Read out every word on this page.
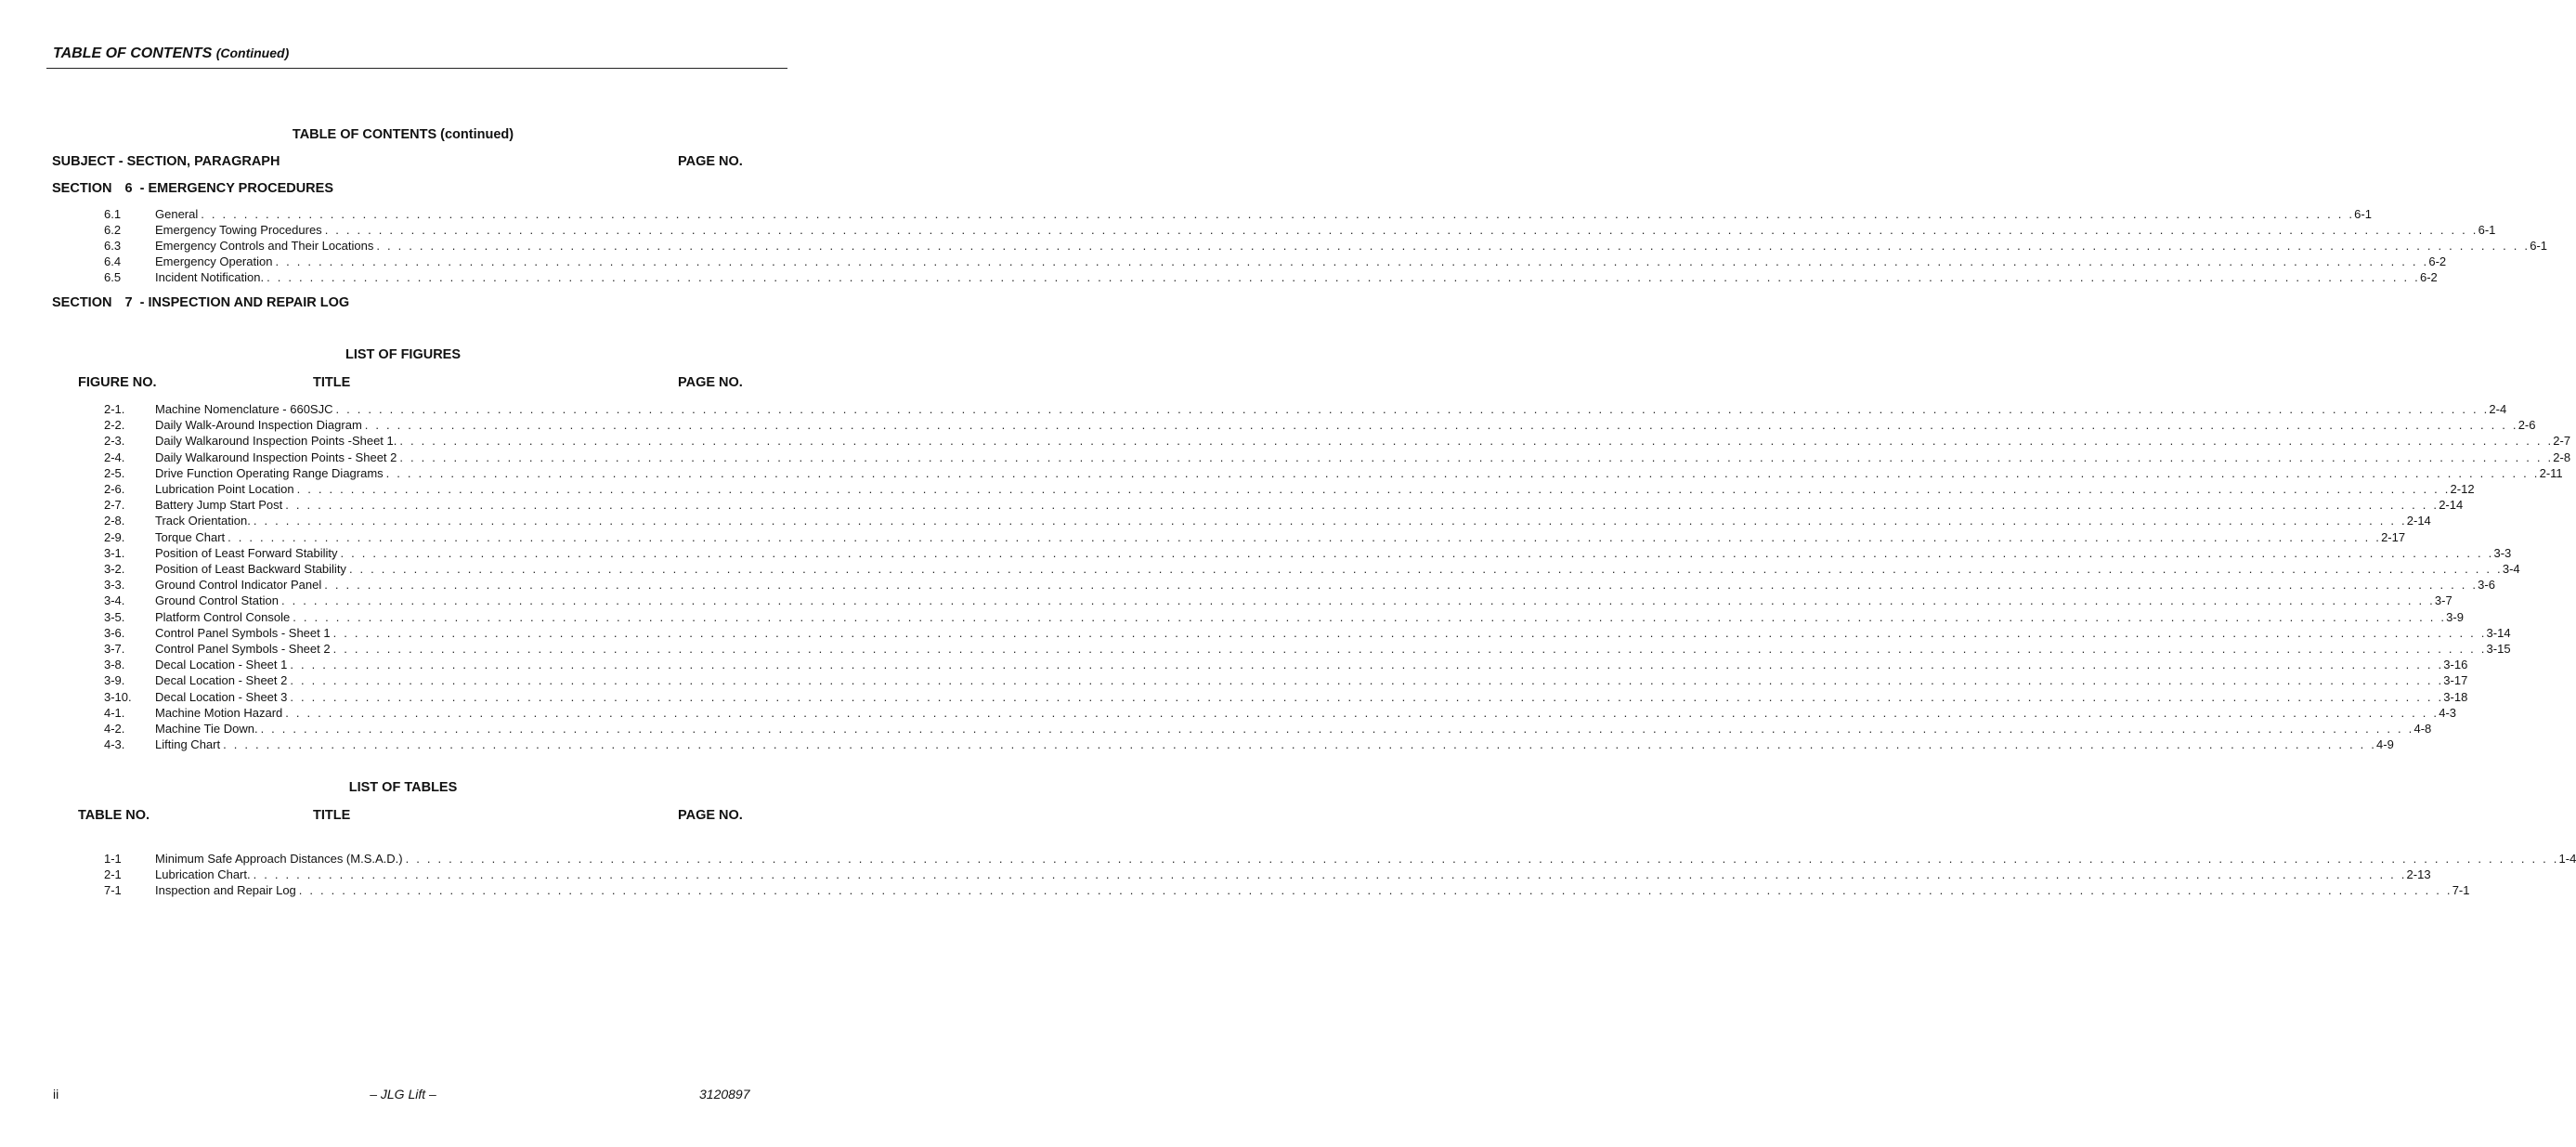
TABLE OF CONTENTS (Continued)
TABLE OF CONTENTS (continued)
SUBJECT - SECTION, PARAGRAPH	PAGE NO.
SECTION 6 - EMERGENCY PROCEDURES
6.1	General . . . . . . . . . . . . . . . . . . . . . . . . . . . . . . . . . . . . . . . . . . . . . . . . . . . . . . . . . . . . . . . . . . . . . . . . . . . . . . . . . . . . . . . . . . . . . . . . . . . . . . . . . . . . . . . . . . . . . . . . . . . . . . . . . . . . . . . . . . . . . . . . . . . . . . . . . . . . . . . . . . . . . . . . . . . . . . . . . . . . . . . . . . . . . . . . . . . . . . . . 6-1
6.2	Emergency Towing Procedures . . . . . . . . . . . . . . . . . . . . . . . . . . . . . . . . . . . . . . . . . . . . . . . . . . . . . . . . . . . . . . . . . . . . . . . . . . . . . . . . . . . . . . . . . . . . . . . . . . . . . . . . . . . . . . . . . . . . . . . . . . . . . . . . . . . . . . . . . . . . . . . . . . . . . . . . . . . . . . . . . . . . . . . . . . . . . . . . . . . . . . . . . . . . . . . . . . . . . . . . 6-1
6.3	Emergency Controls and Their Locations . . . . . . . . . . . . . . . . . . . . . . . . . . . . . . . . . . . . . . . . . . . . . . . . . . . . . . . . . . . . . . . . . . . . . . . . . . . . . . . . . . . . . . . . . . . . . . . . . . . . . . . . . . . . . . . . . . . . . . . . . . . . . . . . . . . . . . . . . . . . . . . . . . . . . . . . . . . . . . . . . . . . . . . . . . . . . . . . . . . . . . . . . . . . . . . . . . . . . . . . 6-1
6.4	Emergency Operation . . . . . . . . . . . . . . . . . . . . . . . . . . . . . . . . . . . . . . . . . . . . . . . . . . . . . . . . . . . . . . . . . . . . . . . . . . . . . . . . . . . . . . . . . . . . . . . . . . . . . . . . . . . . . . . . . . . . . . . . . . . . . . . . . . . . . . . . . . . . . . . . . . . . . . . . . . . . . . . . . . . . . . . . . . . . . . . . . . . . . . . . . . . . . . . . . . . . . . . . 6-2
6.5	Incident Notification. . . . . . . . . . . . . . . . . . . . . . . . . . . . . . . . . . . . . . . . . . . . . . . . . . . . . . . . . . . . . . . . . . . . . . . . . . . . . . . . . . . . . . . . . . . . . . . . . . . . . . . . . . . . . . . . . . . . . . . . . . . . . . . . . . . . . . . . . . . . . . . . . . . . . . . . . . . . . . . . . . . . . . . . . . . . . . . . . . . . . . . . . . . . . . . . . . . . . . . . . 6-2
SECTION 7 - INSPECTION AND REPAIR LOG
LIST OF FIGURES
FIGURE NO.	TITLE	PAGE NO.
2-1.	Machine Nomenclature - 660SJC . . . . . . . . . . . . . . . . . . . . . . . . . . . . . . . . . . . . . . . . . . . . . . . . . . . . . . . . . . . . . . . . . . . . . . . . . . . . . . . . . . . . . . . . . . . . . . . . . . . . . . . . . . . . . . . . . . . . . . . . . . . . . . . . . . . . . . . . . . . . . . . . . . . . . . . . . . . . . . . . . . . . . . . . . . . . . . . . . . . . . . . . . . . . . . . . . . . . . . . . 2-4
2-2.	Daily Walk-Around Inspection Diagram . . . . . . . . . . . . . . . . . . . . . . . . . . . . . . . . . . . . . . . . . . . . . . . . . . . . . . . . . . . . . . . . . . . . . . . . . . . . . . . . . . . . . . . . . . . . . . . . . . . . . . . . . . . . . . . . . . . . . . . . . . . . . . . . . . . . . . . . . . . . . . . . . . . . . . . . . . . . . . . . . . . . . . . . . . . . . . . . . . . . . . . . . . . . . . . . . . . . . . . . 2-6
2-3.	Daily Walkaround Inspection Points -Sheet 1. . . . . . . . . . . . . . . . . . . . . . . . . . . . . . . . . . . . . . . . . . . . . . . . . . . . . . . . . . . . . . . . . . . . . . . . . . . . . . . . . . . . . . . . . . . . . . . . . . . . . . . . . . . . . . . . . . . . . . . . . . . . . . . . . . . . . . . . . . . . . . . . . . . . . . . . . . . . . . . . . . . . . . . . . . . . . . . . . . . . . . . . . . . . . . . . . . . . . . . . . 2-7
2-4.	Daily Walkaround Inspection Points - Sheet 2 . . . . . . . . . . . . . . . . . . . . . . . . . . . . . . . . . . . . . . . . . . . . . . . . . . . . . . . . . . . . . . . . . . . . . . . . . . . . . . . . . . . . . . . . . . . . . . . . . . . . . . . . . . . . . . . . . . . . . . . . . . . . . . . . . . . . . . . . . . . . . . . . . . . . . . . . . . . . . . . . . . . . . . . . . . . . . . . . . . . . . . . . . . . . . . . . . . . . . . . . 2-8
2-5.	Drive Function Operating Range Diagrams . . . . . . . . . . . . . . . . . . . . . . . . . . . . . . . . . . . . . . . . . . . . . . . . . . . . . . . . . . . . . . . . . . . . . . . . . . . . . . . . . . . . . . . . . . . . . . . . . . . . . . . . . . . . . . . . . . . . . . . . . . . . . . . . . . . . . . . . . . . . . . . . . . . . . . . . . . . . . . . . . . . . . . . . . . . . . . . . . . . . . . . . . . . . . . . . . . . . . . . . 2-11
2-6.	Lubrication Point Location . . . . . . . . . . . . . . . . . . . . . . . . . . . . . . . . . . . . . . . . . . . . . . . . . . . . . . . . . . . . . . . . . . . . . . . . . . . . . . . . . . . . . . . . . . . . . . . . . . . . . . . . . . . . . . . . . . . . . . . . . . . . . . . . . . . . . . . . . . . . . . . . . . . . . . . . . . . . . . . . . . . . . . . . . . . . . . . . . . . . . . . . . . . . . . . . . . . . . . . . 2-12
2-7.	Battery Jump Start Post . . . . . . . . . . . . . . . . . . . . . . . . . . . . . . . . . . . . . . . . . . . . . . . . . . . . . . . . . . . . . . . . . . . . . . . . . . . . . . . . . . . . . . . . . . . . . . . . . . . . . . . . . . . . . . . . . . . . . . . . . . . . . . . . . . . . . . . . . . . . . . . . . . . . . . . . . . . . . . . . . . . . . . . . . . . . . . . . . . . . . . . . . . . . . . . . . . . . . . . . 2-14
2-8.	Track Orientation. . . . . . . . . . . . . . . . . . . . . . . . . . . . . . . . . . . . . . . . . . . . . . . . . . . . . . . . . . . . . . . . . . . . . . . . . . . . . . . . . . . . . . . . . . . . . . . . . . . . . . . . . . . . . . . . . . . . . . . . . . . . . . . . . . . . . . . . . . . . . . . . . . . . . . . . . . . . . . . . . . . . . . . . . . . . . . . . . . . . . . . . . . . . . . . . . . . . . . . . . 2-14
2-9.	Torque Chart . . . . . . . . . . . . . . . . . . . . . . . . . . . . . . . . . . . . . . . . . . . . . . . . . . . . . . . . . . . . . . . . . . . . . . . . . . . . . . . . . . . . . . . . . . . . . . . . . . . . . . . . . . . . . . . . . . . . . . . . . . . . . . . . . . . . . . . . . . . . . . . . . . . . . . . . . . . . . . . . . . . . . . . . . . . . . . . . . . . . . . . . . . . . . . . . . . . . . . . . 2-17
3-1.	Position of Least Forward Stability . . . . . . . . . . . . . . . . . . . . . . . . . . . . . . . . . . . . . . . . . . . . . . . . . . . . . . . . . . . . . . . . . . . . . . . . . . . . . . . . . . . . . . . . . . . . . . . . . . . . . . . . . . . . . . . . . . . . . . . . . . . . . . . . . . . . . . . . . . . . . . . . . . . . . . . . . . . . . . . . . . . . . . . . . . . . . . . . . . . . . . . . . . . . . . . . . . . . . . . . 3-3
3-2.	Position of Least Backward Stability . . . . . . . . . . . . . . . . . . . . . . . . . . . . . . . . . . . . . . . . . . . . . . . . . . . . . . . . . . . . . . . . . . . . . . . . . . . . . . . . . . . . . . . . . . . . . . . . . . . . . . . . . . . . . . . . . . . . . . . . . . . . . . . . . . . . . . . . . . . . . . . . . . . . . . . . . . . . . . . . . . . . . . . . . . . . . . . . . . . . . . . . . . . . . . . . . . . . . . . . 3-4
3-3.	Ground Control Indicator Panel . . . . . . . . . . . . . . . . . . . . . . . . . . . . . . . . . . . . . . . . . . . . . . . . . . . . . . . . . . . . . . . . . . . . . . . . . . . . . . . . . . . . . . . . . . . . . . . . . . . . . . . . . . . . . . . . . . . . . . . . . . . . . . . . . . . . . . . . . . . . . . . . . . . . . . . . . . . . . . . . . . . . . . . . . . . . . . . . . . . . . . . . . . . . . . . . . . . . . . . . 3-6
3-4.	Ground Control Station . . . . . . . . . . . . . . . . . . . . . . . . . . . . . . . . . . . . . . . . . . . . . . . . . . . . . . . . . . . . . . . . . . . . . . . . . . . . . . . . . . . . . . . . . . . . . . . . . . . . . . . . . . . . . . . . . . . . . . . . . . . . . . . . . . . . . . . . . . . . . . . . . . . . . . . . . . . . . . . . . . . . . . . . . . . . . . . . . . . . . . . . . . . . . . . . . . . . . . . . 3-7
3-5.	Platform Control Console . . . . . . . . . . . . . . . . . . . . . . . . . . . . . . . . . . . . . . . . . . . . . . . . . . . . . . . . . . . . . . . . . . . . . . . . . . . . . . . . . . . . . . . . . . . . . . . . . . . . . . . . . . . . . . . . . . . . . . . . . . . . . . . . . . . . . . . . . . . . . . . . . . . . . . . . . . . . . . . . . . . . . . . . . . . . . . . . . . . . . . . . . . . . . . . . . . . . . . . . 3-9
3-6.	Control Panel Symbols - Sheet 1 . . . . . . . . . . . . . . . . . . . . . . . . . . . . . . . . . . . . . . . . . . . . . . . . . . . . . . . . . . . . . . . . . . . . . . . . . . . . . . . . . . . . . . . . . . . . . . . . . . . . . . . . . . . . . . . . . . . . . . . . . . . . . . . . . . . . . . . . . . . . . . . . . . . . . . . . . . . . . . . . . . . . . . . . . . . . . . . . . . . . . . . . . . . . . . . . . . . . . . . . 3-14
3-7.	Control Panel Symbols - Sheet 2 . . . . . . . . . . . . . . . . . . . . . . . . . . . . . . . . . . . . . . . . . . . . . . . . . . . . . . . . . . . . . . . . . . . . . . . . . . . . . . . . . . . . . . . . . . . . . . . . . . . . . . . . . . . . . . . . . . . . . . . . . . . . . . . . . . . . . . . . . . . . . . . . . . . . . . . . . . . . . . . . . . . . . . . . . . . . . . . . . . . . . . . . . . . . . . . . . . . . . . . . 3-15
3-8.	Decal Location - Sheet 1 . . . . . . . . . . . . . . . . . . . . . . . . . . . . . . . . . . . . . . . . . . . . . . . . . . . . . . . . . . . . . . . . . . . . . . . . . . . . . . . . . . . . . . . . . . . . . . . . . . . . . . . . . . . . . . . . . . . . . . . . . . . . . . . . . . . . . . . . . . . . . . . . . . . . . . . . . . . . . . . . . . . . . . . . . . . . . . . . . . . . . . . . . . . . . . . . . . . . . . . . 3-16
3-9.	Decal Location - Sheet 2 . . . . . . . . . . . . . . . . . . . . . . . . . . . . . . . . . . . . . . . . . . . . . . . . . . . . . . . . . . . . . . . . . . . . . . . . . . . . . . . . . . . . . . . . . . . . . . . . . . . . . . . . . . . . . . . . . . . . . . . . . . . . . . . . . . . . . . . . . . . . . . . . . . . . . . . . . . . . . . . . . . . . . . . . . . . . . . . . . . . . . . . . . . . . . . . . . . . . . . . . 3-17
3-10.	Decal Location - Sheet 3 . . . . . . . . . . . . . . . . . . . . . . . . . . . . . . . . . . . . . . . . . . . . . . . . . . . . . . . . . . . . . . . . . . . . . . . . . . . . . . . . . . . . . . . . . . . . . . . . . . . . . . . . . . . . . . . . . . . . . . . . . . . . . . . . . . . . . . . . . . . . . . . . . . . . . . . . . . . . . . . . . . . . . . . . . . . . . . . . . . . . . . . . . . . . . . . . . . . . . . . . 3-18
4-1.	Machine Motion Hazard . . . . . . . . . . . . . . . . . . . . . . . . . . . . . . . . . . . . . . . . . . . . . . . . . . . . . . . . . . . . . . . . . . . . . . . . . . . . . . . . . . . . . . . . . . . . . . . . . . . . . . . . . . . . . . . . . . . . . . . . . . . . . . . . . . . . . . . . . . . . . . . . . . . . . . . . . . . . . . . . . . . . . . . . . . . . . . . . . . . . . . . . . . . . . . . . . . . . . . . . 4-3
4-2.	Machine Tie Down. . . . . . . . . . . . . . . . . . . . . . . . . . . . . . . . . . . . . . . . . . . . . . . . . . . . . . . . . . . . . . . . . . . . . . . . . . . . . . . . . . . . . . . . . . . . . . . . . . . . . . . . . . . . . . . . . . . . . . . . . . . . . . . . . . . . . . . . . . . . . . . . . . . . . . . . . . . . . . . . . . . . . . . . . . . . . . . . . . . . . . . . . . . . . . . . . . . . . . . . . 4-8
4-3.	Lifting Chart . . . . . . . . . . . . . . . . . . . . . . . . . . . . . . . . . . . . . . . . . . . . . . . . . . . . . . . . . . . . . . . . . . . . . . . . . . . . . . . . . . . . . . . . . . . . . . . . . . . . . . . . . . . . . . . . . . . . . . . . . . . . . . . . . . . . . . . . . . . . . . . . . . . . . . . . . . . . . . . . . . . . . . . . . . . . . . . . . . . . . . . . . . . . . . . . . . . . . . . . 4-9
LIST OF TABLES
TABLE NO.	TITLE	PAGE NO.
1-1	Minimum Safe Approach Distances (M.S.A.D.) . . . . . . . . . . . . . . . . . . . . . . . . . . . . . . . . . . . . . . . . . . . . . . . . . . . . . . . . . . . . . . . . . . . . . . . . . . . . . . . . . . . . . . . . . . . . . . . . . . . . . . . . . . . . . . . . . . . . . . . . . . . . . . . . . . . . . . . . . . . . . . . . . . . . . . . . . . . . . . . . . . . . . . . . . . . . . . . . . . . . . . . . . . . . . . . . . . . . . . . . 1-4
2-1	Lubrication Chart. . . . . . . . . . . . . . . . . . . . . . . . . . . . . . . . . . . . . . . . . . . . . . . . . . . . . . . . . . . . . . . . . . . . . . . . . . . . . . . . . . . . . . . . . . . . . . . . . . . . . . . . . . . . . . . . . . . . . . . . . . . . . . . . . . . . . . . . . . . . . . . . . . . . . . . . . . . . . . . . . . . . . . . . . . . . . . . . . . . . . . . . . . . . . . . . . . . . . . . . . 2-13
7-1	Inspection and Repair Log . . . . . . . . . . . . . . . . . . . . . . . . . . . . . . . . . . . . . . . . . . . . . . . . . . . . . . . . . . . . . . . . . . . . . . . . . . . . . . . . . . . . . . . . . . . . . . . . . . . . . . . . . . . . . . . . . . . . . . . . . . . . . . . . . . . . . . . . . . . . . . . . . . . . . . . . . . . . . . . . . . . . . . . . . . . . . . . . . . . . . . . . . . . . . . . . . . . . . . . . 7-1
ii	– JLG Lift –	3120897
